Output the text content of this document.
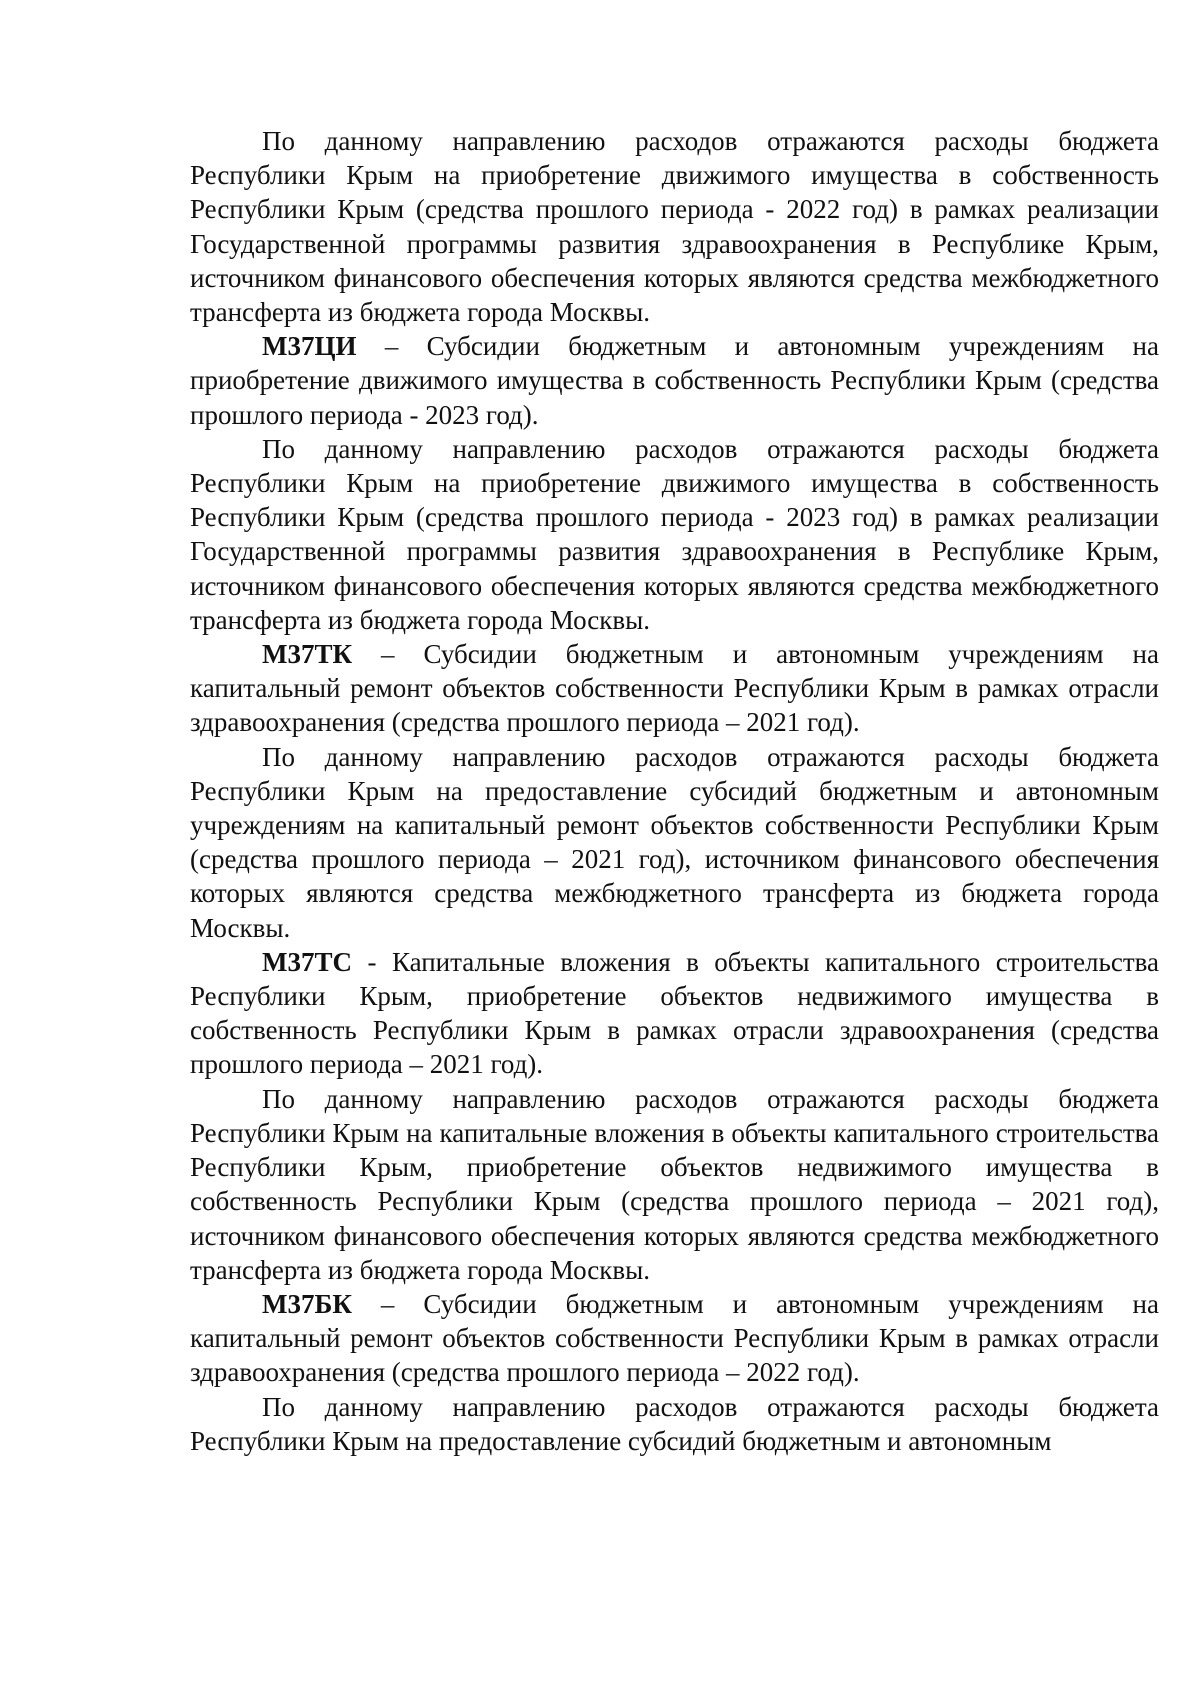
По данному направлению расходов отражаются расходы бюджета Республики Крым на приобретение движимого имущества в собственность Республики Крым (средства прошлого периода - 2022 год) в рамках реализации Государственной программы развития здравоохранения в Республике Крым, источником финансового обеспечения которых являются средства межбюджетного трансферта из бюджета города Москвы.

М37ЦИ – Субсидии бюджетным и автономным учреждениям на приобретение движимого имущества в собственность Республики Крым (средства прошлого периода - 2023 год).

По данному направлению расходов отражаются расходы бюджета Республики Крым на приобретение движимого имущества в собственность Республики Крым (средства прошлого периода - 2023 год) в рамках реализации Государственной программы развития здравоохранения в Республике Крым, источником финансового обеспечения которых являются средства межбюджетного трансферта из бюджета города Москвы.

М37ТК – Субсидии бюджетным и автономным учреждениям на капитальный ремонт объектов собственности Республики Крым в рамках отрасли здравоохранения (средства прошлого периода – 2021 год).

По данному направлению расходов отражаются расходы бюджета Республики Крым на предоставление субсидий бюджетным и автономным учреждениям на капитальный ремонт объектов собственности Республики Крым (средства прошлого периода – 2021 год), источником финансового обеспечения которых являются средства межбюджетного трансферта из бюджета города Москвы.

М37ТС - Капитальные вложения в объекты капитального строительства Республики Крым, приобретение объектов недвижимого имущества в собственность Республики Крым в рамках отрасли здравоохранения (средства прошлого периода – 2021 год).

По данному направлению расходов отражаются расходы бюджета Республики Крым на капитальные вложения в объекты капитального строительства Республики Крым, приобретение объектов недвижимого имущества в собственность Республики Крым (средства прошлого периода – 2021 год), источником финансового обеспечения которых являются средства межбюджетного трансферта из бюджета города Москвы.

М37БК – Субсидии бюджетным и автономным учреждениям на капитальный ремонт объектов собственности Республики Крым в рамках отрасли здравоохранения (средства прошлого периода – 2022 год).

По данному направлению расходов отражаются расходы бюджета Республики Крым на предоставление субсидий бюджетным и автономным
